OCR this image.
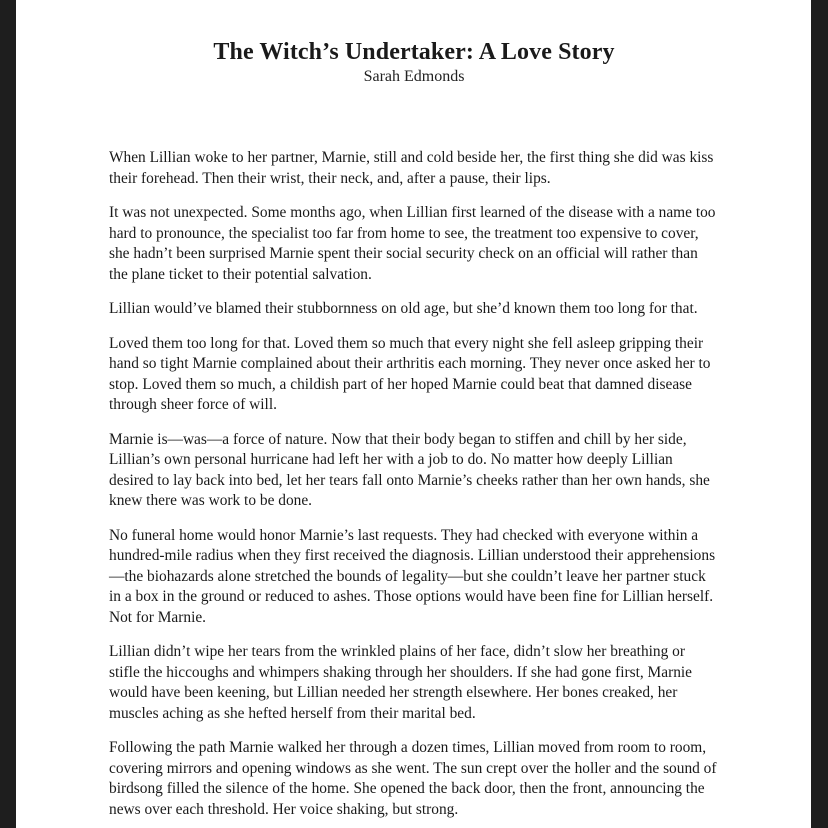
The Witch’s Undertaker: A Love Story

Sarah Edmonds

When Lillian woke to her partner, Marnie, still and cold beside her, the first thing she did was kiss their forehead. Then their wrist, their neck, and, after a pause, their lips.

It was not unexpected. Some months ago, when Lillian first learned of the disease with a name too hard to pronounce, the specialist too far from home to see, the treatment too expensive to cover, she hadn’t been surprised Marnie spent their social security check on an official will rather than the plane ticket to their potential salvation.

Lillian would’ve blamed their stubbornness on old age, but she’d known them too long for that.

Loved them too long for that. Loved them so much that every night she fell asleep gripping their hand so tight Marnie complained about their arthritis each morning. They never once asked her to stop. Loved them so much, a childish part of her hoped Marnie could beat that damned disease through sheer force of will.

Marnie is—was—a force of nature. Now that their body began to stiffen and chill by her side, Lillian’s own personal hurricane had left her with a job to do. No matter how deeply Lillian desired to lay back into bed, let her tears fall onto Marnie’s cheeks rather than her own hands, she knew there was work to be done.

No funeral home would honor Marnie’s last requests. They had checked with everyone within a hundred-mile radius when they first received the diagnosis. Lillian understood their apprehensions—the biohazards alone stretched the bounds of legality—but she couldn’t leave her partner stuck in a box in the ground or reduced to ashes. Those options would have been fine for Lillian herself. Not for Marnie.

Lillian didn’t wipe her tears from the wrinkled plains of her face, didn’t slow her breathing or stifle the hiccoughs and whimpers shaking through her shoulders. If she had gone first, Marnie would have been keening, but Lillian needed her strength elsewhere. Her bones creaked, her muscles aching as she hefted herself from their marital bed.

Following the path Marnie walked her through a dozen times, Lillian moved from room to room, covering mirrors and opening windows as she went. The sun crept over the holler and the sound of birdsong filled the silence of the home. She opened the back door, then the front, announcing the news over each threshold. Her voice shaking, but strong.
